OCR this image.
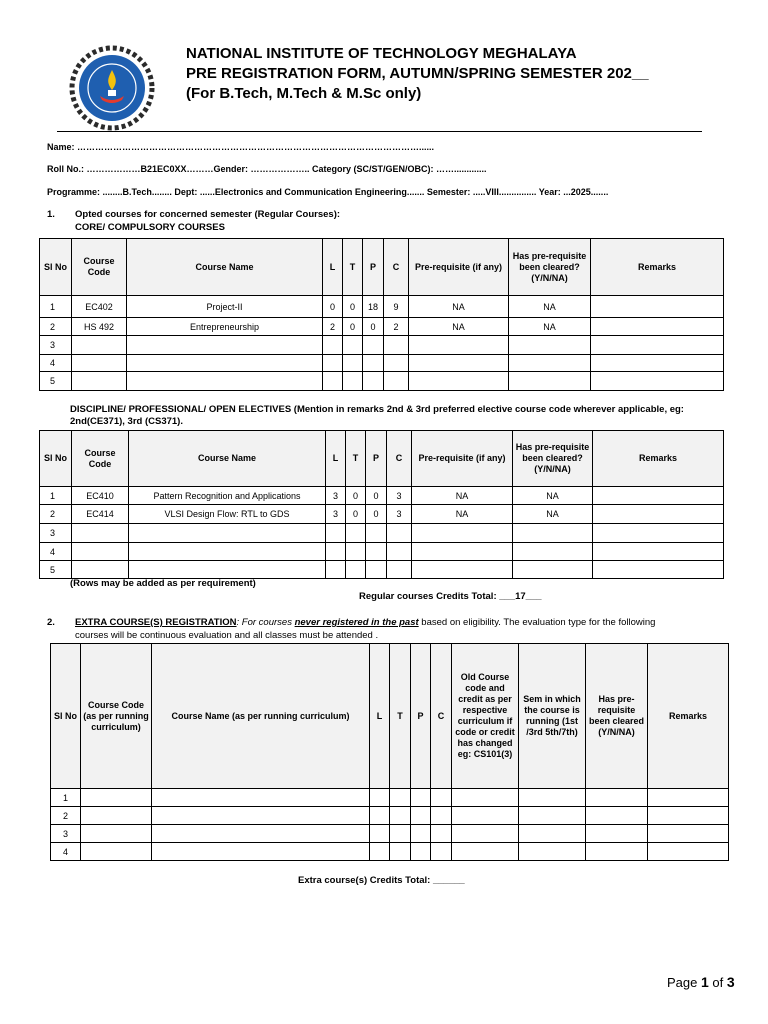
NATIONAL INSTITUTE OF TECHNOLOGY MEGHALAYA
PRE REGISTRATION FORM, AUTUMN/SPRING SEMESTER 202__
(For B.Tech, M.Tech & M.Sc only)
Name: ……………………………………………………………………………………………………......
Roll No.: ………………B21EC0XX………Gender: ……………….. Category (SC/ST/GEN/OBC): …….............
Programme: ........B.Tech........ Dept: ......Electronics and Communication Engineering....... Semester: .....VIII............... Year: ...2025.......
1. Opted courses for concerned semester (Regular Courses):
CORE/ COMPULSORY COURSES
Sl No	Course Code	Course Name	L	T	P	C	Pre-requisite (if any)	Has pre-requisite been cleared? (Y/N/NA)	Remarks
1	EC402	Project-II	0	0	18	9	NA	NA	
2	HS 492	Entrepreneurship	2	0	0	2	NA	NA	
3									
4									
5									
DISCIPLINE/ PROFESSIONAL/ OPEN ELECTIVES (Mention in remarks 2nd & 3rd preferred elective course code wherever applicable, eg:
2nd(CE371), 3rd (CS371).
Sl No	Course Code	Course Name	L	T	P	C	Pre-requisite (if any)	Has pre-requisite been cleared? (Y/N/NA)	Remarks
1	EC410	Pattern Recognition and Applications	3	0	0	3	NA	NA	
2	EC414	VLSI Design Flow: RTL to GDS	3	0	0	3	NA	NA	
3									
4									
5									
(Rows may be added as per requirement)
Regular courses Credits Total: ___17___
2. EXTRA COURSE(S) REGISTRATION: For courses never registered in the past based on eligibility. The evaluation type for the following
courses will be continuous evaluation and all classes must be attended .
Sl No	Course Code (as per running curriculum)	Course Name (as per running curriculum)	L	T	P	C	Old Course code and credit as per respective curriculum if code or credit has changed eg: CS101(3)	Sem in which the course is running (1st /3rd 5th/7th)	Has pre-requisite been cleared (Y/N/NA)	Remarks
1										
2										
3										
4										
Extra course(s) Credits Total: ______
Page 1 of 3
